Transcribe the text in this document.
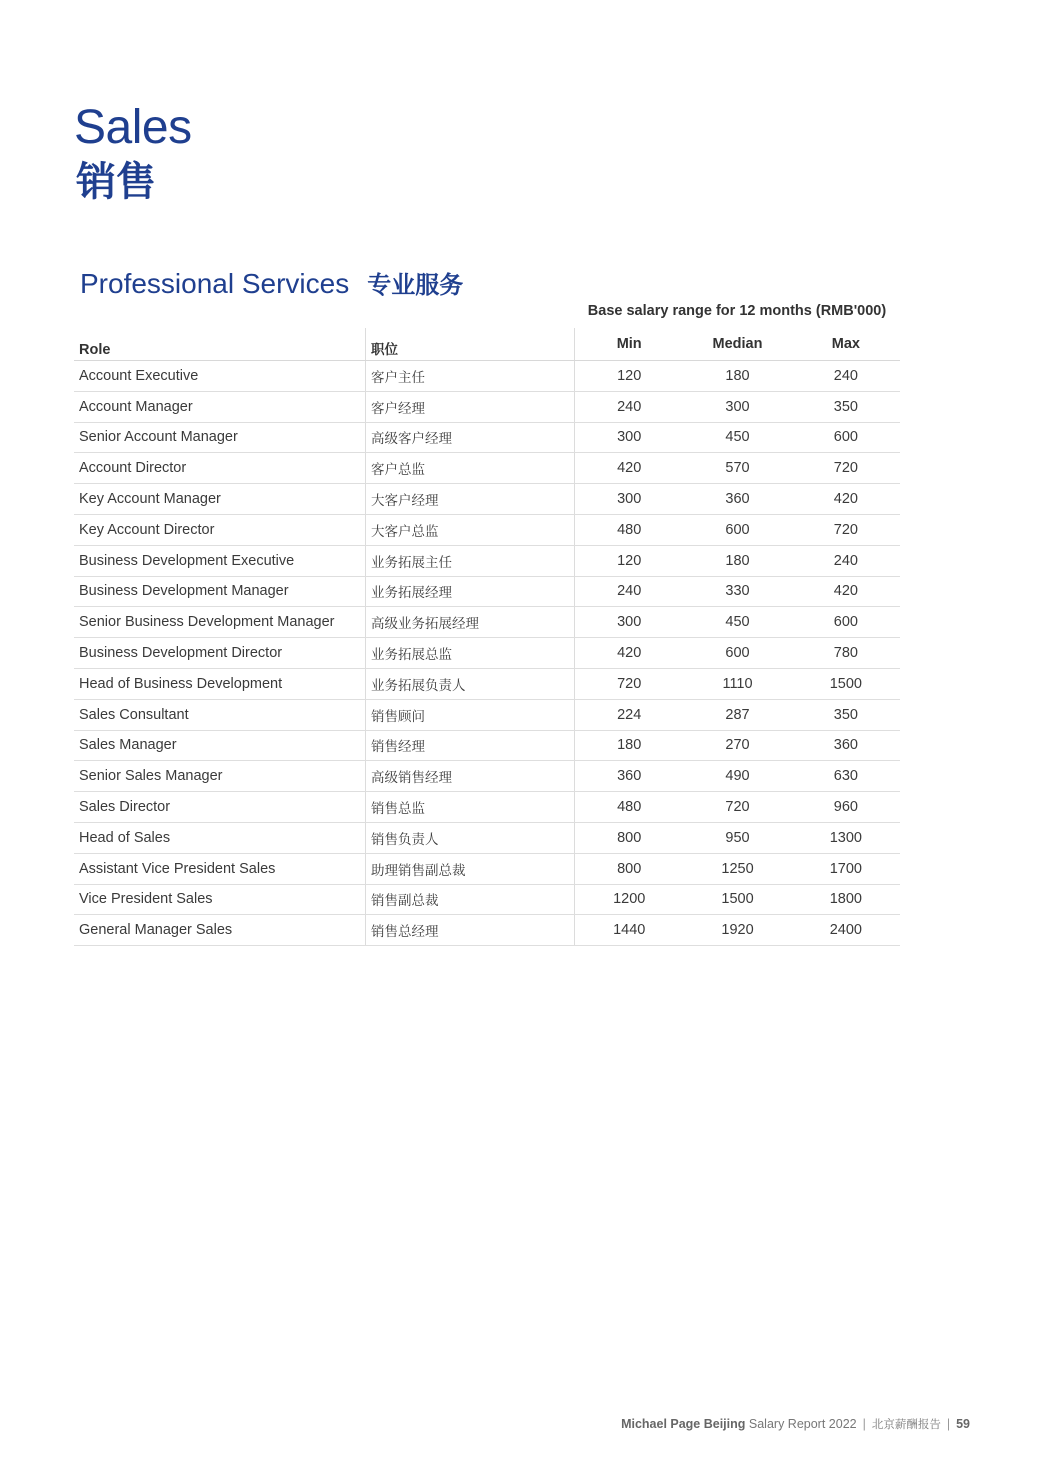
Sales
销售
Professional Services 专业服务
Base salary range for 12 months (RMB'000)
Role	职位	Min	Median	Max
Account Executive	客户主任	120	180	240
Account Manager	客户经理	240	300	350
Senior Account Manager	高级客户经理	300	450	600
Account Director	客户总监	420	570	720
Key Account Manager	大客户经理	300	360	420
Key Account Director	大客户总监	480	600	720
Business Development Executive	业务拓展主任	120	180	240
Business Development Manager	业务拓展经理	240	330	420
Senior Business Development Manager	高级业务拓展经理	300	450	600
Business Development Director	业务拓展总监	420	600	780
Head of Business Development	业务拓展负责人	720	1110	1500
Sales Consultant	销售顾问	224	287	350
Sales Manager	销售经理	180	270	360
Senior Sales Manager	高级销售经理	360	490	630
Sales Director	销售总监	480	720	960
Head of Sales	销售负责人	800	950	1300
Assistant Vice President Sales	助理销售副总裁	800	1250	1700
Vice President Sales	销售副总裁	1200	1500	1800
General Manager Sales	销售总经理	1440	1920	2400
Michael Page Beijing Salary Report 2022 | 北京薪酬报告 | 59
